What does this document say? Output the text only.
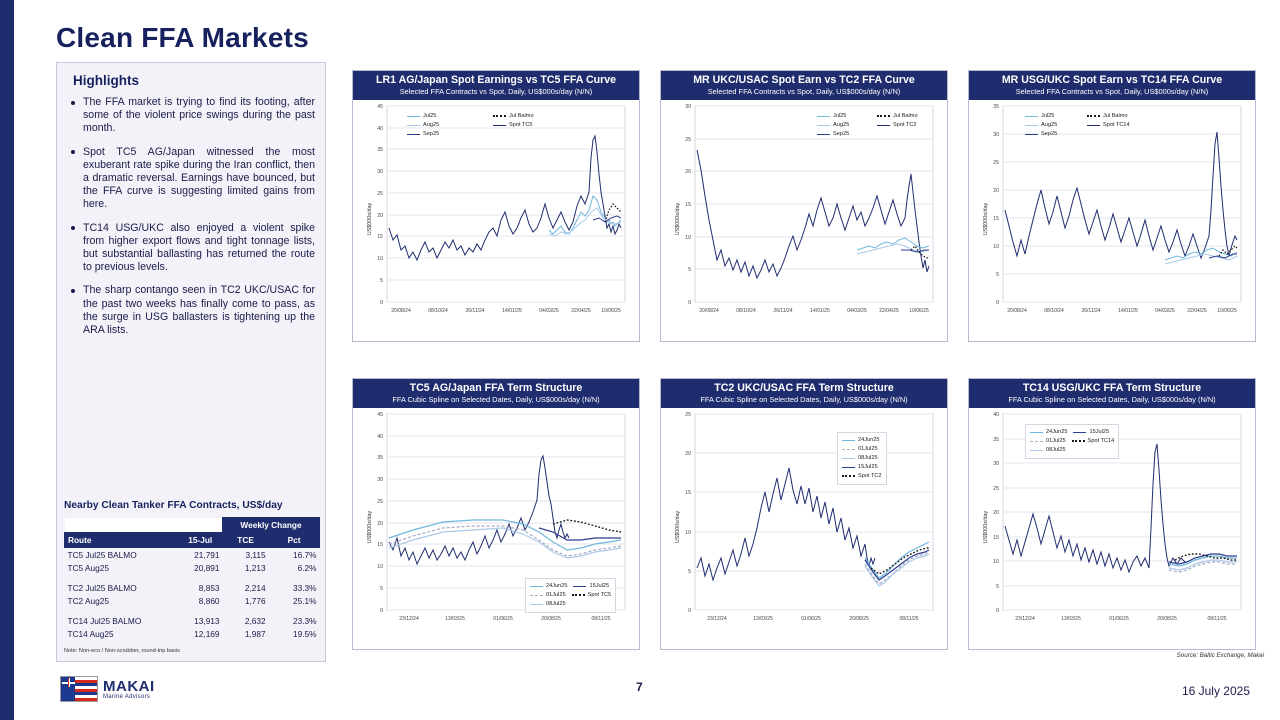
Clean FFA Markets
Highlights
The FFA market is trying to find its footing, after some of the violent price swings during the past month.
Spot TC5 AG/Japan witnessed the most exuberant rate spike during the Iran conflict, then a dramatic reversal. Earnings have bounced, but the FFA curve is suggesting limited gains from here.
TC14 USG/UKC also enjoyed a violent spike from higher export flows and tight tonnage lists, but substantial ballasting has returned the route to previous levels.
The sharp contango seen in TC2 UKC/USAC for the past two weeks has finally come to pass, as the surge in USG ballasters is tightening up the ARA lists.
Nearby Clean Tanker FFA Contracts, US$/day
		Weekly Change	
Route	15-Jul	TCE	Pct
TC5 Jul25 BALMO	21,791	3,115	16.7%
TC5 Aug25	20,891	1,213	6.2%

TC2 Jul25 BALMO	8,853	2,214	33.3%
TC2 Aug25	8,860	1,776	25.1%

TC14 Jul25 BALMO	13,913	2,632	23.3%
TC14 Aug25	12,169	1,987	19.5%
Note: Non-eco / Non-scrubber, round-trip basis
LR1 AG/Japan Spot Earnings vs TC5 FFA Curve
Selected FFA Contracts vs Spot, Daily, US$000s/day (N/N)
US$000s/day
0
5
10
15
20
25
30
35
40
45
20/08/24	08/10/24	26/11/24	14/01/25	04/03/25	22/04/25 10/06/25
Jul25
Aug25
Sep25
Jul Balmo
Spot TC5
MR UKC/USAC Spot Earn vs TC2 FFA Curve
Selected FFA Contracts vs Spot, Daily, US$000s/day (N/N)
US$000s/day
0
5
10
15
20
25
30
20/08/24	08/10/24	26/11/24	14/01/25	04/03/25	22/04/25 10/06/25
Jul25
Aug25
Sep25
Jul Balmo
Spot TC2
MR USG/UKC Spot Earn vs TC14 FFA Curve
Selected FFA Contracts vs Spot, Daily, US$000s/day (N/N)
US$000s/day
0
5
10
15
20
25
30
35
20/08/24	08/10/24	26/11/24	14/01/25	04/03/25	22/04/25 10/06/25
Jul25
Aug25
Sep25
Jul Balmo
Spot TC14
TC5 AG/Japan FFA Term Structure
FFA Cubic Spline on Selected Dates, Daily, US$000s/day (N/N)
US$000s/day
0
5
10
15
20
25
30
35
40
45
23/12/24	13/03/25	01/06/25	20/08/25	08/11/25
24Jun25	15Jul25
01Jul25	Spot TC5
08Jul25
TC2 UKC/USAC FFA Term Structure
FFA Cubic Spline on Selected Dates, Daily, US$000s/day (N/N)
US$000s/day
0
5
10
15
20
25
23/12/24	13/03/25	01/06/25	20/08/25	08/11/25
24Jun25
01Jul25
08Jul25
15Jul25
Spot TC2
TC14 USG/UKC FFA Term Structure
FFA Cubic Spline on Selected Dates, Daily, US$000s/day (N/N)
US$000s/day
0
5
10
15
20
25
30
35
40
23/12/24	13/03/25	01/06/25	20/08/25	08/11/25
24Jun25	15Jul25
01Jul25	Spot TC14
08Jul25
Source: Baltic Exchange, Makai
MAKAI
Marine Advisors
7	16 July 2025
